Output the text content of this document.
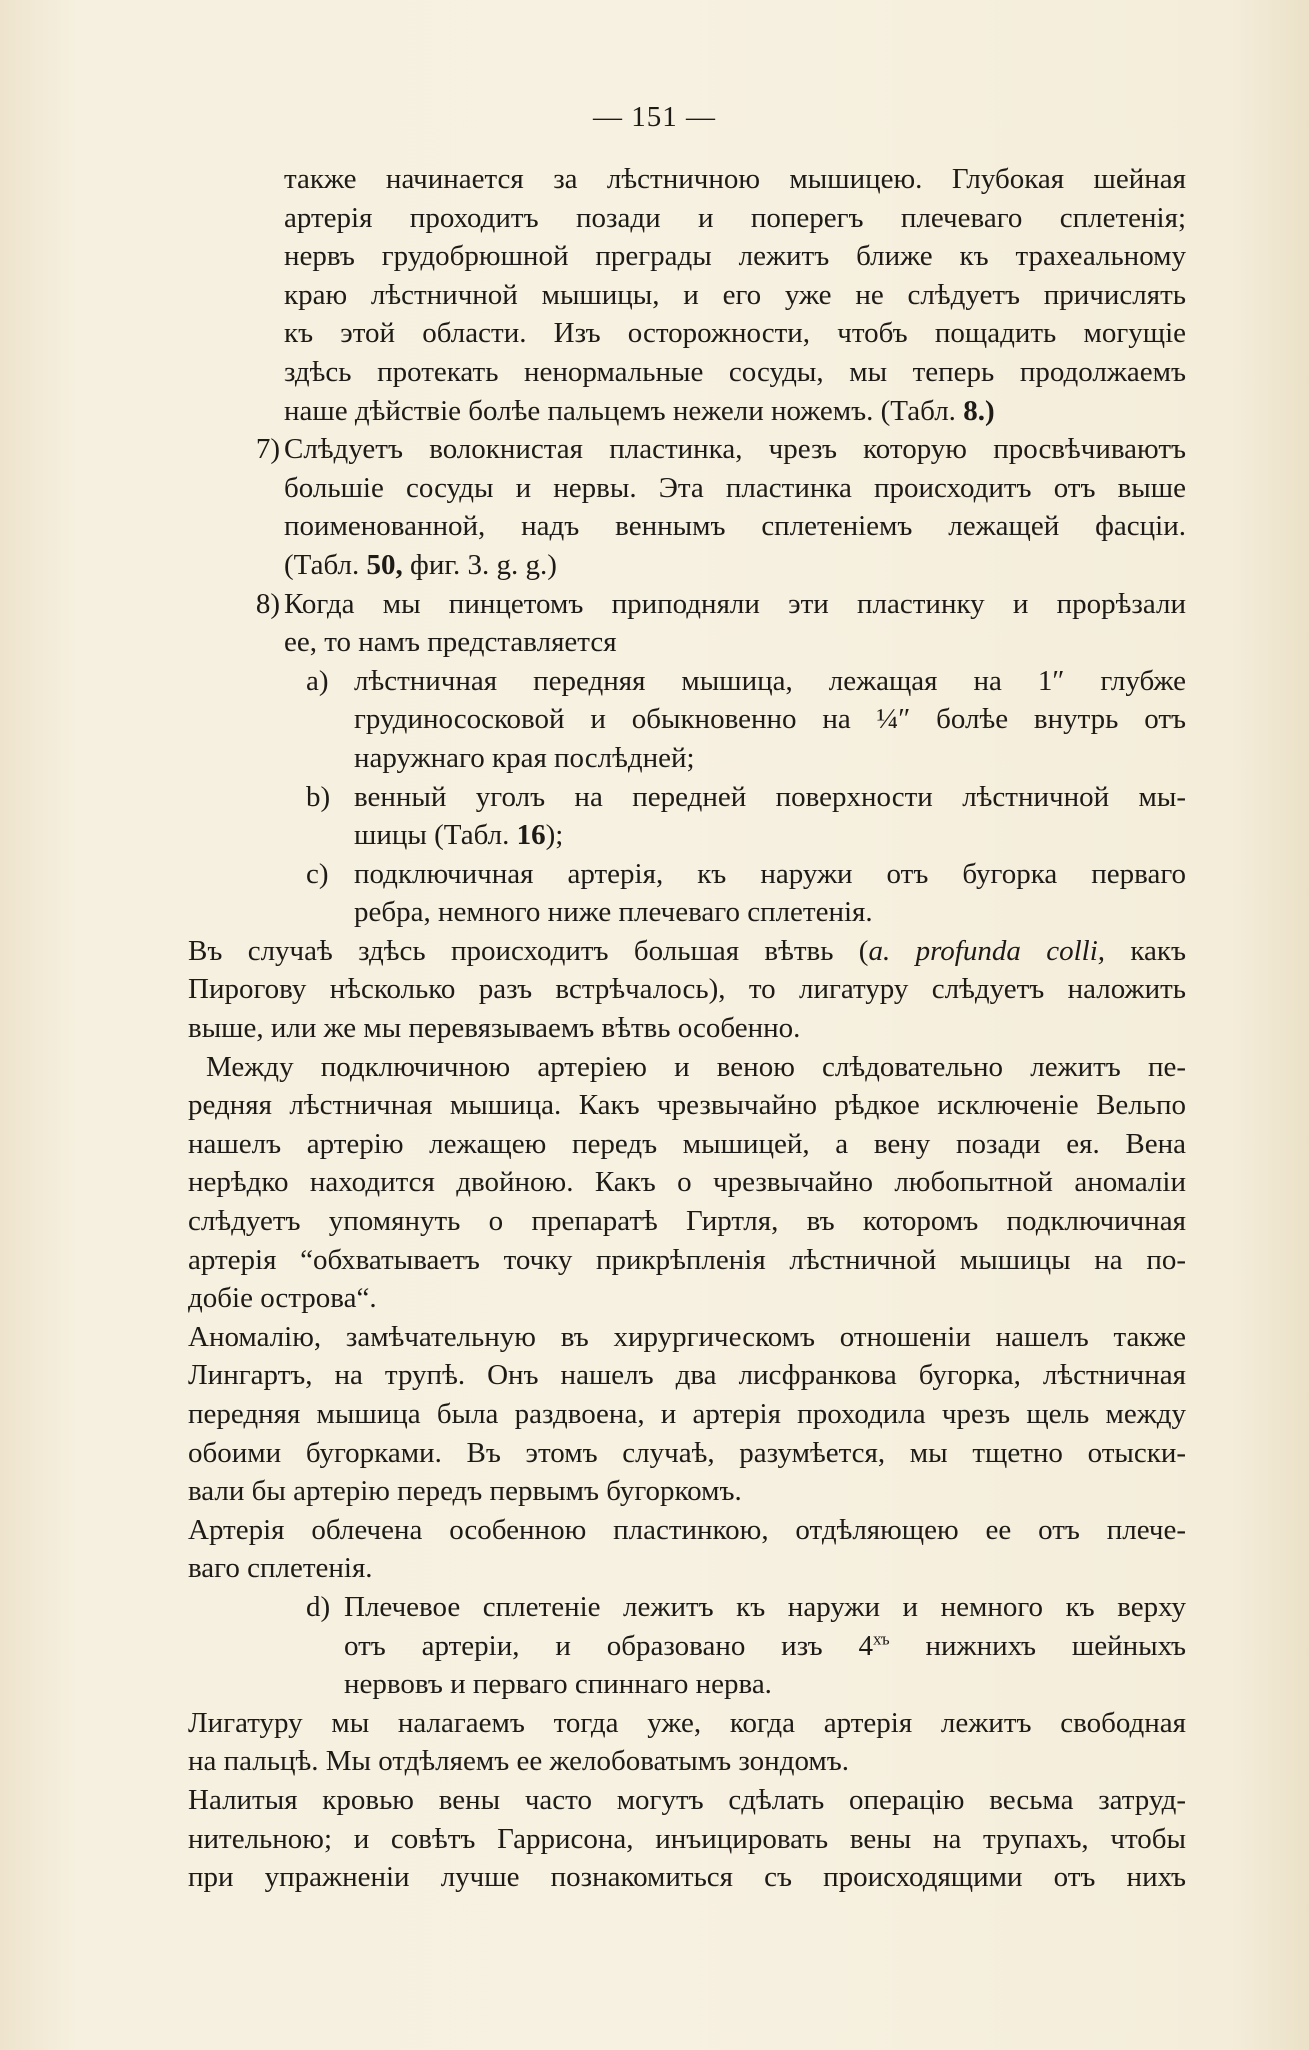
— 151 —
также начинается за лѣстничною мышицею. Глубокая шейная
артерія проходитъ позади и поперегъ плечеваго сплетенія;
нервъ грудобрюшной преграды лежитъ ближе къ трахеальному
краю лѣстничной мышицы, и его уже не слѣдуетъ причислять
къ этой области. Изъ осторожности, чтобъ пощадить могущіе
здѣсь протекать ненормальные сосуды, мы теперь продолжаемъ
наше дѣйствіе болѣе пальцемъ нежели ножемъ. (Табл. 8.)
7) Слѣдуетъ волокнистая пластинка, чрезъ которую просвѣчиваютъ
большіе сосуды и нервы. Эта пластинка происходитъ отъ выше
поименованной, надъ веннымъ сплетеніемъ лежащей фасціи.
(Табл. 50, фиг. 3. g. g.)
8) Когда мы пинцетомъ приподняли эти пластинку и прорѣзали
ее, то намъ представляется
a) лѣстничная передняя мышица, лежащая на 1″ глубже
грудиносoсковой и обыкновенно на ¼″ болѣе внутрь отъ
наружнаго края послѣдней;
b) венный уголъ на передней поверхности лѣстничной мы-
шицы (Табл. 16);
c) подключичная артерія, къ наружи отъ бугорка перваго
ребра, немного ниже плечеваго сплетенія.
Въ случаѣ здѣсь происходитъ большая вѣтвь (a. profunda colli, какъ
Пирогову нѣсколько разъ встрѣчалось), то лигатуру слѣдуетъ наложить
выше, или же мы перевязываемъ вѣтвь особенно.
Между подключичною артеріею и веною слѣдовательно лежитъ пе-
редняя лѣстничная мышица. Какъ чрезвычайно рѣдкое исключеніе Вельпо
нашелъ артерію лежащею передъ мышицей, а вену позади ея. Вена
нерѣдко находится двойною. Какъ о чрезвычайно любопытной аномаліи
слѣдуетъ упомянуть о препаратѣ Гиртля, въ которомъ подключичная
артерія “обхватываетъ точку прикрѣпленія лѣстничной мышицы на по-
добіе острова“.
Аномалію, замѣчательную въ хирургическомъ отношеніи нашелъ также
Лингартъ, на трупѣ. Онъ нашелъ два лисфранкова бугорка, лѣстничная
передняя мышица была раздвоена, и артерія проходила чрезъ щель между
обоими бугорками. Въ этомъ случаѣ, разумѣется, мы тщетно отыски-
вали бы артерію передъ первымъ бугоркомъ.
Артерія облечена особенною пластинкою, отдѣляющею ее отъ плече-
ваго сплетенія.
d) Плечевое сплетеніе лежитъ къ наружи и немного къ верху
отъ артеріи, и образовано изъ $4^{хъ}$ нижнихъ шейныхъ
нервовъ и перваго спиннаго нерва.
Лигатуру мы налагаемъ тогда уже, когда артерія лежитъ свободная
на пальцѣ. Мы отдѣляемъ ее желобоватымъ зондомъ.
Налитыя кровью вены часто могутъ сдѣлать операцію весьма затруд-
нительною; и совѣтъ Гаррисона, инъицировать вены на трупахъ, чтобы
при упражненіи лучше познакомиться съ происходящими отъ нихъ
